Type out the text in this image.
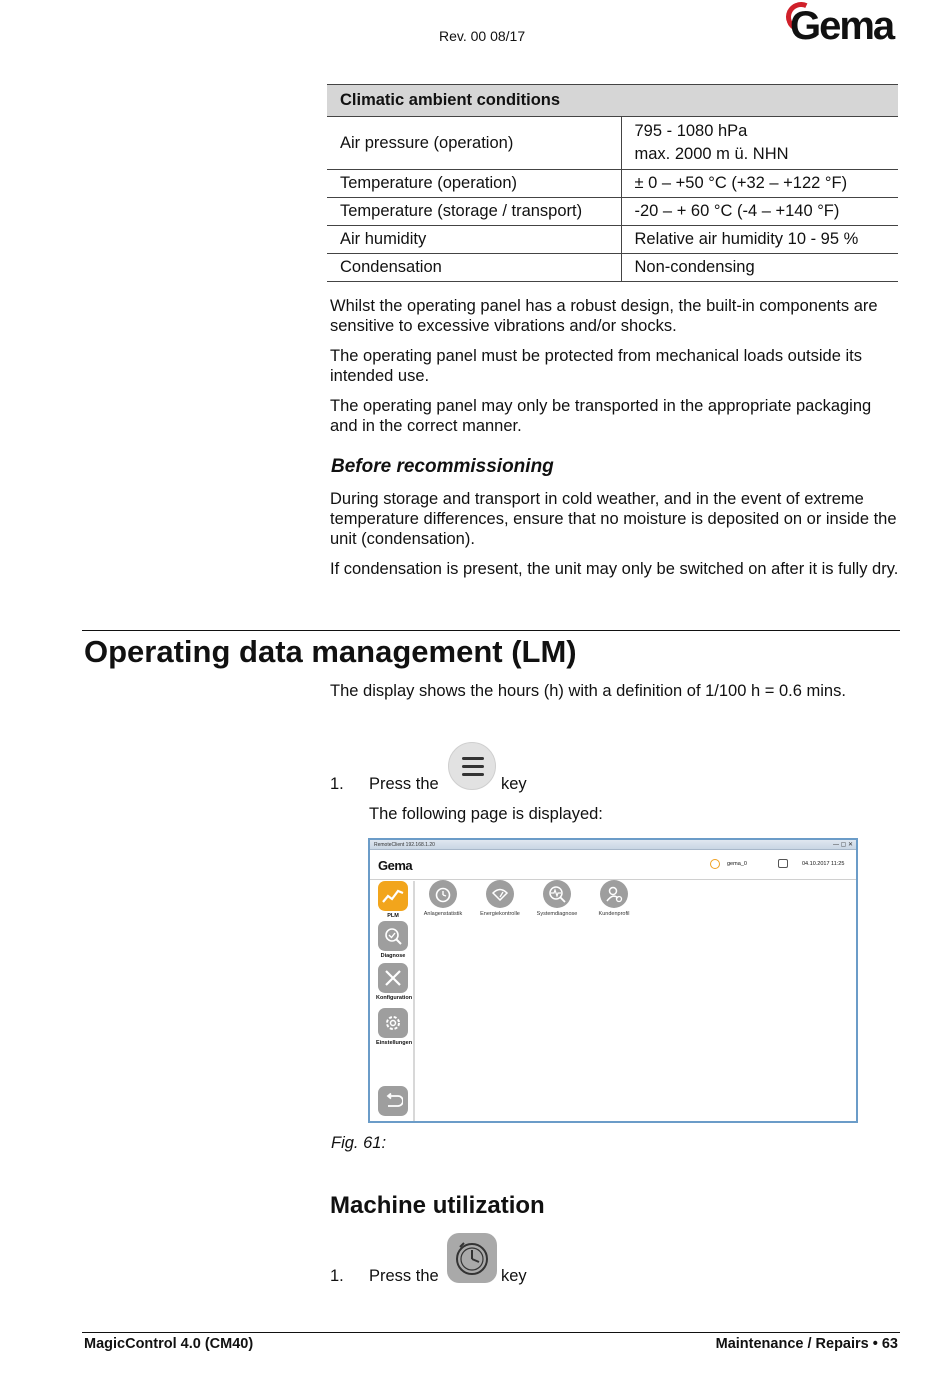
Rev. 00 08/17	Gema
Climatic ambient conditions	
Air pressure (operation)	795 - 1080 hPa
max. 2000 m ü. NHN

Temperature (operation)	± 0 – +50 °C (+32 – +122 °F)
Temperature (storage / transport)	-20 – + 60 °C (-4 – +140 °F)
Air humidity	Relative air humidity 10 - 95 %
Condensation	Non-condensing
Whilst the operating panel has a robust design, the built-in components are sensitive to excessive vibrations and/or shocks.
The operating panel must be protected from mechanical loads outside its intended use.
The operating panel may only be transported in the appropriate packaging and in the correct manner.
Before recommissioning
During storage and transport in cold weather, and in the event of extreme temperature differences, ensure that no moisture is deposited on or inside the unit (condensation).
If condensation is present, the unit may only be switched on after it is fully dry.
Operating data management (LM)
The display shows the hours (h) with a definition of 1/100 h = 0.6 mins.
1. Press the	key
The following page is displayed:
RemoteClient 192.168.1.20	— ▢ ✕
Gema	gema_0	04.10.2017 11:25
PLM
Diagnose
Konfiguration
Einstellungen
Anlagenstatistik	Energiekontrolle	Systemdiagnose	Kundenprofil
Fig. 61:
Machine utilization
1. Press the	key
MagicControl 4.0 (CM40)	Maintenance / Repairs • 63
